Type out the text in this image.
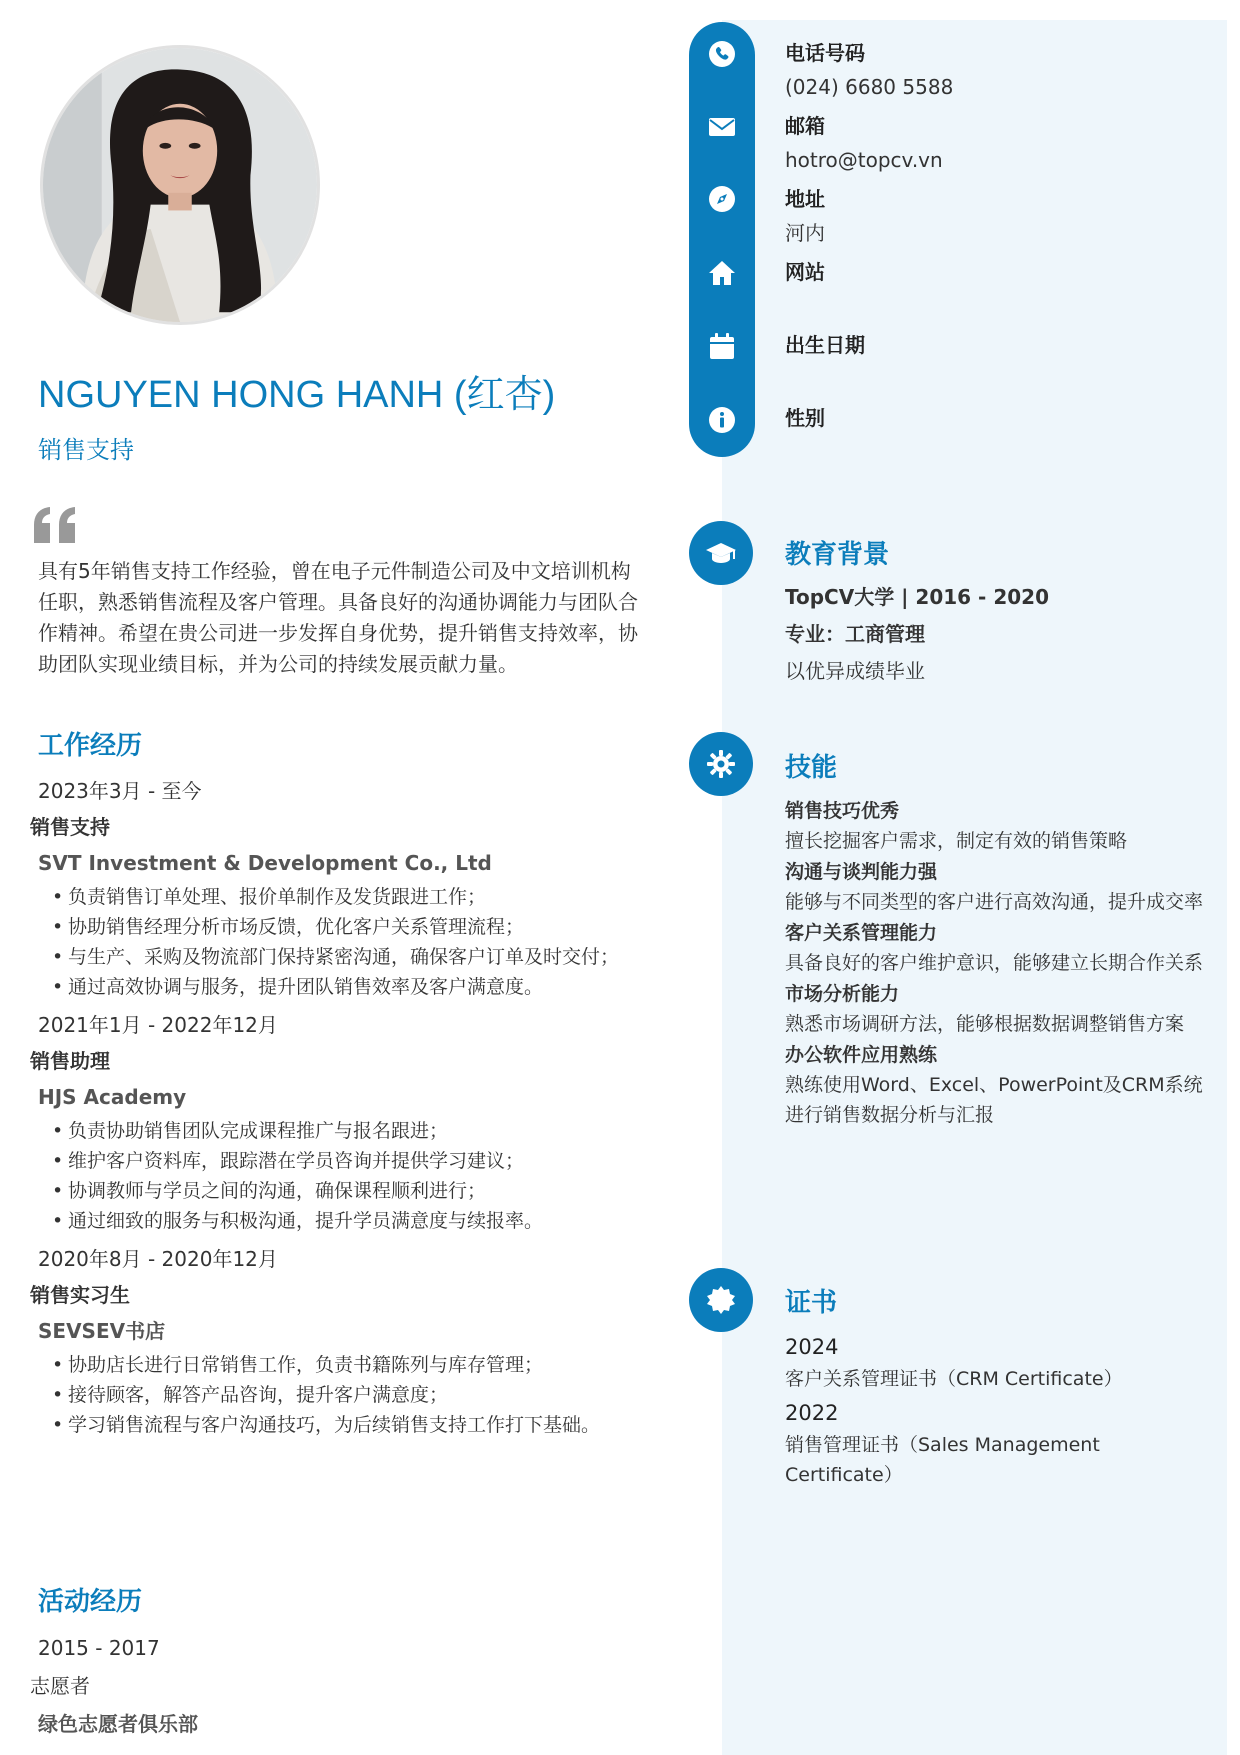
电话号码
(024) 6680 5588
邮箱
hotro@topcv.vn
地址
河内
网站
出生日期
性别
教育背景
TopCV大学 | 2016 - 2020
专业：工商管理
以优异成绩毕业
技能
销售技巧优秀
擅长挖掘客户需求，制定有效的销售策略
沟通与谈判能力强
能够与不同类型的客户进行高效沟通，提升成交率
客户关系管理能力
具备良好的客户维护意识，能够建立长期合作关系
市场分析能力
熟悉市场调研方法，能够根据数据调整销售方案
办公软件应用熟练
熟练使用Word、Excel、PowerPoint及CRM系统进行销售数据分析与汇报
证书
2024
客户关系管理证书（CRM Certificate）
2022
销售管理证书（Sales Management Certificate）
NGUYEN HONG HANH (红杏)
销售支持
具有5年销售支持工作经验，曾在电子元件制造公司及中文培训机构任职，熟悉销售流程及客户管理。具备良好的沟通协调能力与团队合作精神。希望在贵公司进一步发挥自身优势，提升销售支持效率，协助团队实现业绩目标，并为公司的持续发展贡献力量。
工作经历
2023年3月 - 至今
销售支持
SVT Investment & Development Co., Ltd
• 负责销售订单处理、报价单制作及发货跟进工作；
• 协助销售经理分析市场反馈，优化客户关系管理流程；
• 与生产、采购及物流部门保持紧密沟通，确保客户订单及时交付；
• 通过高效协调与服务，提升团队销售效率及客户满意度。
2021年1月 - 2022年12月
销售助理
HJS Academy
• 负责协助销售团队完成课程推广与报名跟进；
• 维护客户资料库，跟踪潜在学员咨询并提供学习建议；
• 协调教师与学员之间的沟通，确保课程顺利进行；
• 通过细致的服务与积极沟通，提升学员满意度与续报率。
2020年8月 - 2020年12月
销售实习生
SEVSEV书店
• 协助店长进行日常销售工作，负责书籍陈列与库存管理；
• 接待顾客，解答产品咨询，提升客户满意度；
• 学习销售流程与客户沟通技巧，为后续销售支持工作打下基础。
活动经历
2015 - 2017
志愿者
绿色志愿者俱乐部
